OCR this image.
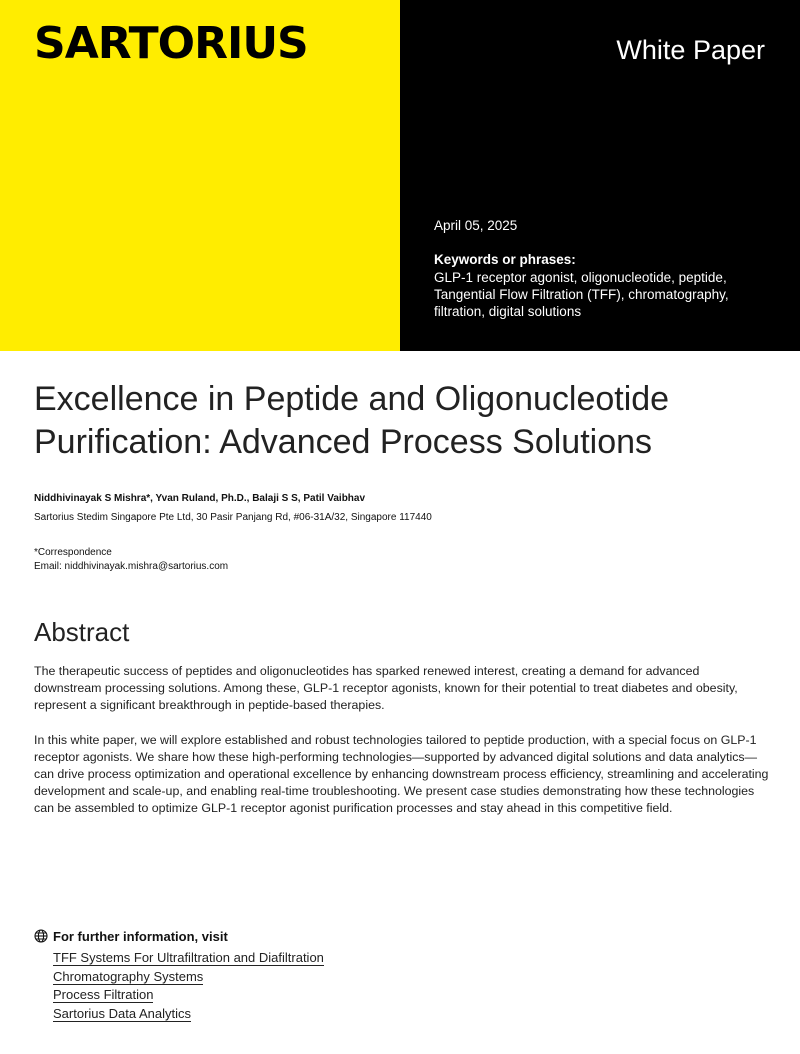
SARTORIUS	White Paper
April 05, 2025
Keywords or phrases:
GLP-1 receptor agonist, oligonucleotide, peptide, Tangential Flow Filtration (TFF), chromatography, filtration, digital solutions
Excellence in Peptide and Oligonucleotide Purification: Advanced Process Solutions
Niddhivinayak S Mishra*, Yvan Ruland, Ph.D., Balaji S S, Patil Vaibhav
Sartorius Stedim Singapore Pte Ltd, 30 Pasir Panjang Rd, #06-31A/32, Singapore 117440
*Correspondence
Email: niddhivinayak.mishra@sartorius.com
Abstract

The therapeutic success of peptides and oligonucleotides has sparked renewed interest, creating a demand for advanced downstream processing solutions. Among these, GLP-1 receptor agonists, known for their potential to treat diabetes and obesity, represent a significant breakthrough in peptide-based therapies.

In this white paper, we will explore established and robust technologies tailored to peptide production, with a special focus on GLP-1 receptor agonists. We share how these high-performing technologies—supported by advanced digital solutions and data analytics—can drive process optimization and operational excellence by enhancing downstream process efficiency, streamlining and accelerating development and scale-up, and enabling real-time troubleshooting. We present case studies demonstrating how these technologies can be assembled to optimize GLP-1 receptor agonist purification processes and stay ahead in this competitive field.

For further information, visit
TFF Systems For Ultrafiltration and Diafiltration
Chromatography Systems
Process Filtration
Sartorius Data Analytics
